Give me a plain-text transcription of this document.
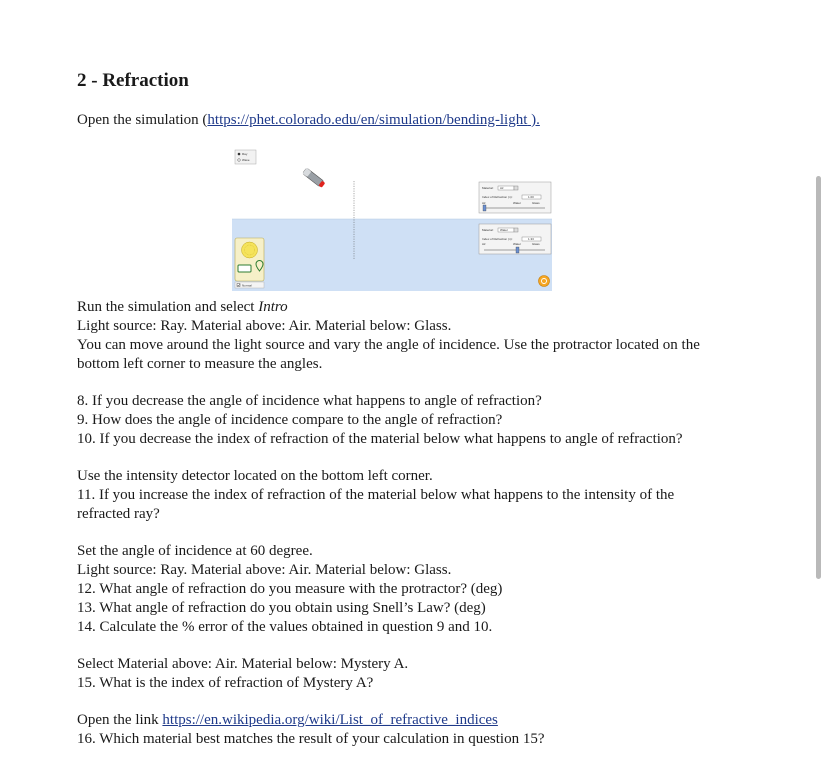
2 - Refraction
Open the simulation (https://phet.colorado.edu/en/simulation/bending-light ).
Ray
Wave
Material: Air
Index of Refraction (n):	1.00
Air	Water	Glass
Material: Water
Index of Refraction (n):	1.33
Air	Water	Glass
Normal
Run the simulation and select Intro
Light source: Ray. Material above: Air. Material below: Glass.
You can move around the light source and vary the angle of incidence. Use the protractor located on the
bottom left corner to measure the angles.
8. If you decrease the angle of incidence what happens to angle of refraction?
9. How does the angle of incidence compare to the angle of refraction?
10. If you decrease the index of refraction of the material below what happens to angle of refraction?
Use the intensity detector located on the bottom left corner.
11. If you increase the index of refraction of the material below what happens to the intensity of the
refracted ray?
Set the angle of incidence at 60 degree.
Light source: Ray. Material above: Air. Material below: Glass.
12. What angle of refraction do you measure with the protractor? (deg)
13. What angle of refraction do you obtain using Snell’s Law? (deg)
14. Calculate the % error of the values obtained in question 9 and 10.
Select Material above: Air. Material below: Mystery A.
15. What is the index of refraction of Mystery A?
Open the link https://en.wikipedia.org/wiki/List_of_refractive_indices
16. Which material best matches the result of your calculation in question 15?
